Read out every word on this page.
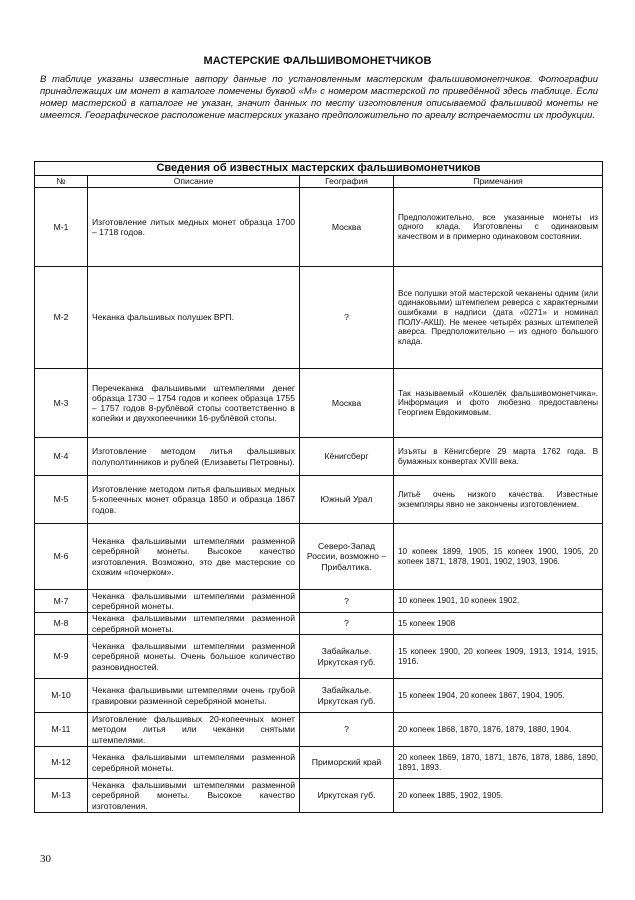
МАСТЕРСКИЕ ФАЛЬШИВОМОНЕТЧИКОВ
В таблице указаны известные автору данные по установленным мастерским фальшивомонетчиков. Фотографии принадлежащих им монет в каталоге помечены буквой «М» с номером мастерской по приведённой здесь таблице. Если номер мастерской в каталоге не указан, значит данных по месту изготовления описываемой фальшивой монеты не имеется. Географическое расположение мастерских указано предположительно по ареалу встречаемости их продукции.
Сведения об известных мастерских фальшивомонетчиков			
№	Описание	География	Примечания
М-1	Изготовление литых медных монет образца 1700 – 1718 годов.	Москва	Предположительно, все указанные монеты из одного клада. Изготовлены с одинаковым качеством и в примерно одинаковом состоянии.
М-2	Чеканка фальшивых полушек ВРП.	?	Все полушки этой мастерской чеканены одним (или одинаковыми) штемпелем реверса с характерными ошибками в надписи (дата «0271» и номинал ПОЛУ-АКШ). Не менее четырёх разных штемпелей аверса. Предположительно – из одного большого клада.
М-3	Перечеканка фальшивыми штемпелями денег образца 1730 – 1754 годов и копеек образца 1755 – 1757 годов 8-рублёвой стопы соответственно в копейки и двухкопеечники 16-рублёвой стопы.	Москва	Так называемый «Кошелёк фальшивомонетчика». Информация и фото любезно предоставлены Георгием Евдокимовым.
М-4	Изготовление методом литья фальшивых полуполтинников и рублей (Елизаветы Петровны).	Кёнигсберг	Изъяты в Кёнигсберге 29 марта 1762 года. В бумажных конвертах XVIII века.
М-5	Изготовление методом литья фальшивых медных 5-копеечных монет образца 1850 и образца 1867 годов.	Южный Урал	Литьё очень низкого качества. Известные экземпляры явно не закончены изготовлением.
М-6	Чеканка фальшивыми штемпелями разменной серебряной монеты. Высокое качество изготовления. Возможно, это две мастерские со схожим «почерком».	Северо-Запад России, возможно – Прибалтика.	10 копеек 1899, 1905, 15 копеек 1900, 1905, 20 копеек 1871, 1878, 1901, 1902, 1903, 1906.
М-7	Чеканка фальшивыми штемпелями разменной серебряной монеты.	?	10 копеек 1901, 10 копеек 1902.
М-8	Чеканка фальшивыми штемпелями разменной серебряной монеты.	?	15 копеек 1908
М-9	Чеканка фальшивыми штемпелями разменной серебряной монеты. Очень большое количество разновидностей.	Забайкалье. Иркутская губ.	15 копеек 1900, 20 копеек 1909, 1913, 1914, 1915, 1916.
М-10	Чеканка фальшивыми штемпелями очень грубой гравировки разменной серебряной монеты.	Забайкалье. Иркутская губ.	15 копеек 1904, 20 копеек 1867, 1904, 1905.
М-11	Изготовление фальшивых 20-копеечных монет методом литья или чеканки снятыми штемпелями.	?	20 копеек 1868, 1870, 1876, 1879, 1880, 1904.
М-12	Чеканка фальшивыми штемпелями разменной серебряной монеты.	Приморский край	20 копеек 1869, 1870, 1871, 1876, 1878, 1886, 1890, 1891, 1893.
М-13	Чеканка фальшивыми штемпелями разменной серебряной монеты. Высокое качество изготовления.	Иркутская губ.	20 копеек 1885, 1902, 1905.
30
